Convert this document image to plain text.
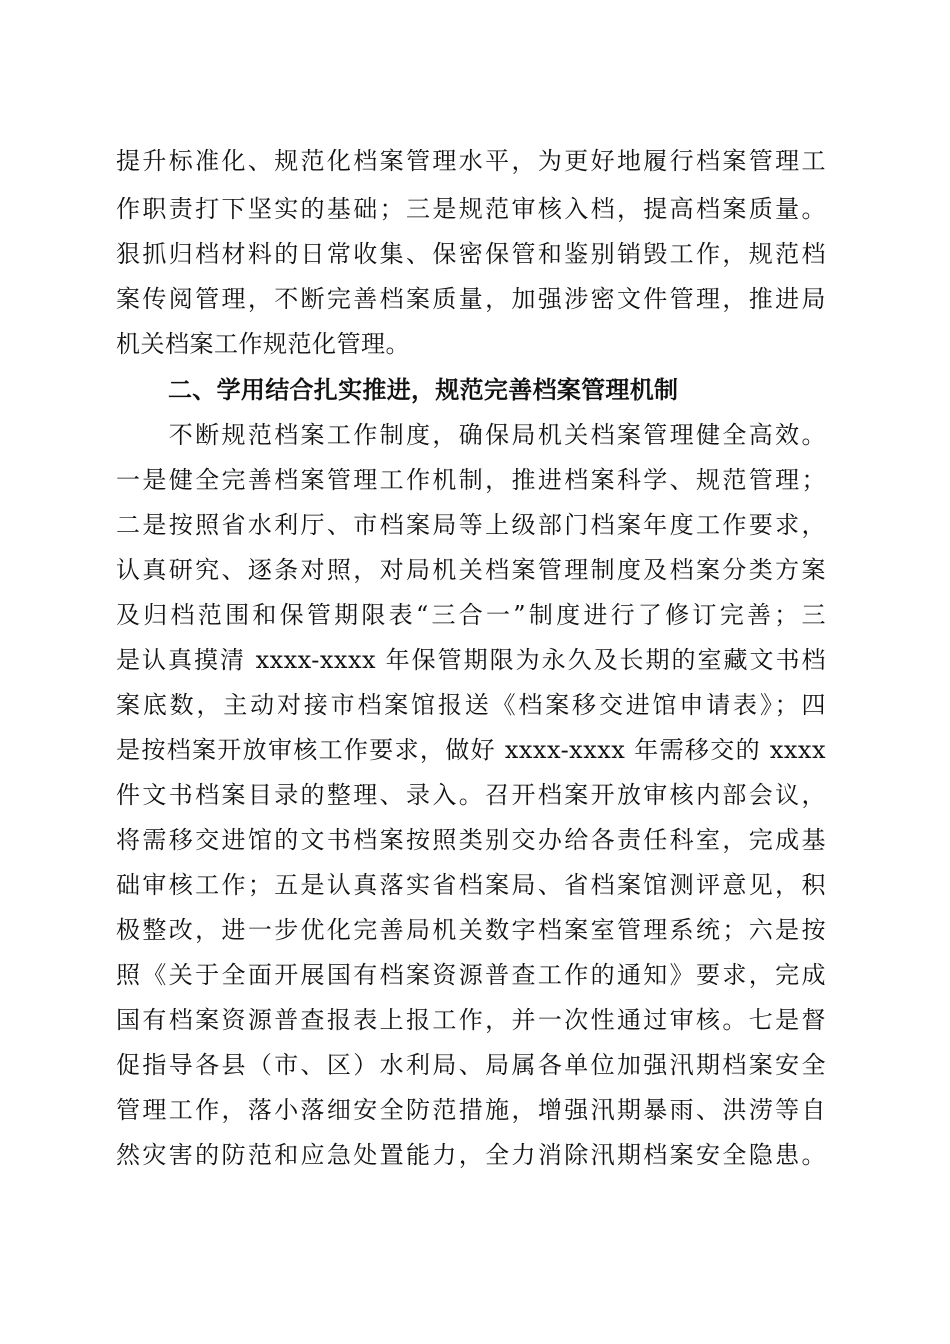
提升标准化、规范化档案管理水平，为更好地履行档案管理工
作职责打下坚实的基础；三是规范审核入档，提高档案质量。
狠抓归档材料的日常收集、保密保管和鉴别销毁工作，规范档
案传阅管理，不断完善档案质量，加强涉密文件管理，推进局
机关档案工作规范化管理。
二、学用结合扎实推进，规范完善档案管理机制
　　不断规范档案工作制度，确保局机关档案管理健全高效。
一是健全完善档案管理工作机制，推进档案科学、规范管理；
二是按照省水利厅、市档案局等上级部门档案年度工作要求，
认真研究、逐条对照，对局机关档案管理制度及档案分类方案
及归档范围和保管期限表“三合一”制度进行了修订完善；三
是认真摸清 xxxx-xxxx 年保管期限为永久及长期的室藏文书档
案底数，主动对接市档案馆报送《档案移交进馆申请表》；四
是按档案开放审核工作要求，做好 xxxx-xxxx 年需移交的 xxxx
件文书档案目录的整理、录入。召开档案开放审核内部会议，
将需移交进馆的文书档案按照类别交办给各责任科室，完成基
础审核工作；五是认真落实省档案局、省档案馆测评意见，积
极整改，进一步优化完善局机关数字档案室管理系统；六是按
照《关于全面开展国有档案资源普查工作的通知》要求，完成
国有档案资源普查报表上报工作，并一次性通过审核。七是督
促指导各县（市、区）水利局、局属各单位加强汛期档案安全
管理工作，落小落细安全防范措施，增强汛期暴雨、洪涝等自
然灾害的防范和应急处置能力，全力消除汛期档案安全隐患。
